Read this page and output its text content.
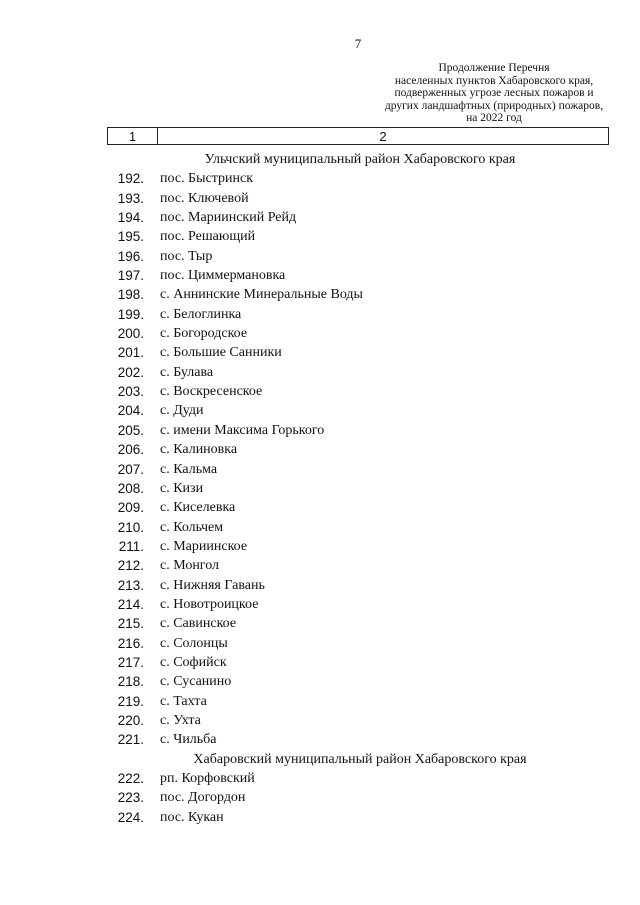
7
Продолжение Перечня
населенных пунктов Хабаровского края,
подверженных угрозе лесных пожаров и
других ландшафтных (природных) пожаров,
на 2022 год
1	2
Ульчский муниципальный район Хабаровского края
192. пос. Быстринск
193. пос. Ключевой
194. пос. Мариинский Рейд
195. пос. Решающий
196. пос. Тыр
197. пос. Циммермановка
198. с. Аннинские Минеральные Воды
199. с. Белоглинка
200. с. Богородское
201. с. Большие Санники
202. с. Булава
203. с. Воскресенское
204. с. Дуди
205. с. имени Максима Горького
206. с. Калиновка
207. с. Кальма
208. с. Кизи
209. с. Киселевка
210. с. Кольчем
211. с. Мариинское
212. с. Монгол
213. с. Нижняя Гавань
214. с. Новотроицкое
215. с. Савинское
216. с. Солонцы
217. с. Софийск
218. с. Сусанино
219. с. Тахта
220. с. Ухта
221. с. Чильба
Хабаровский муниципальный район Хабаровского края
222. рп. Корфовский
223. пос. Догордон
224. пос. Кукан
